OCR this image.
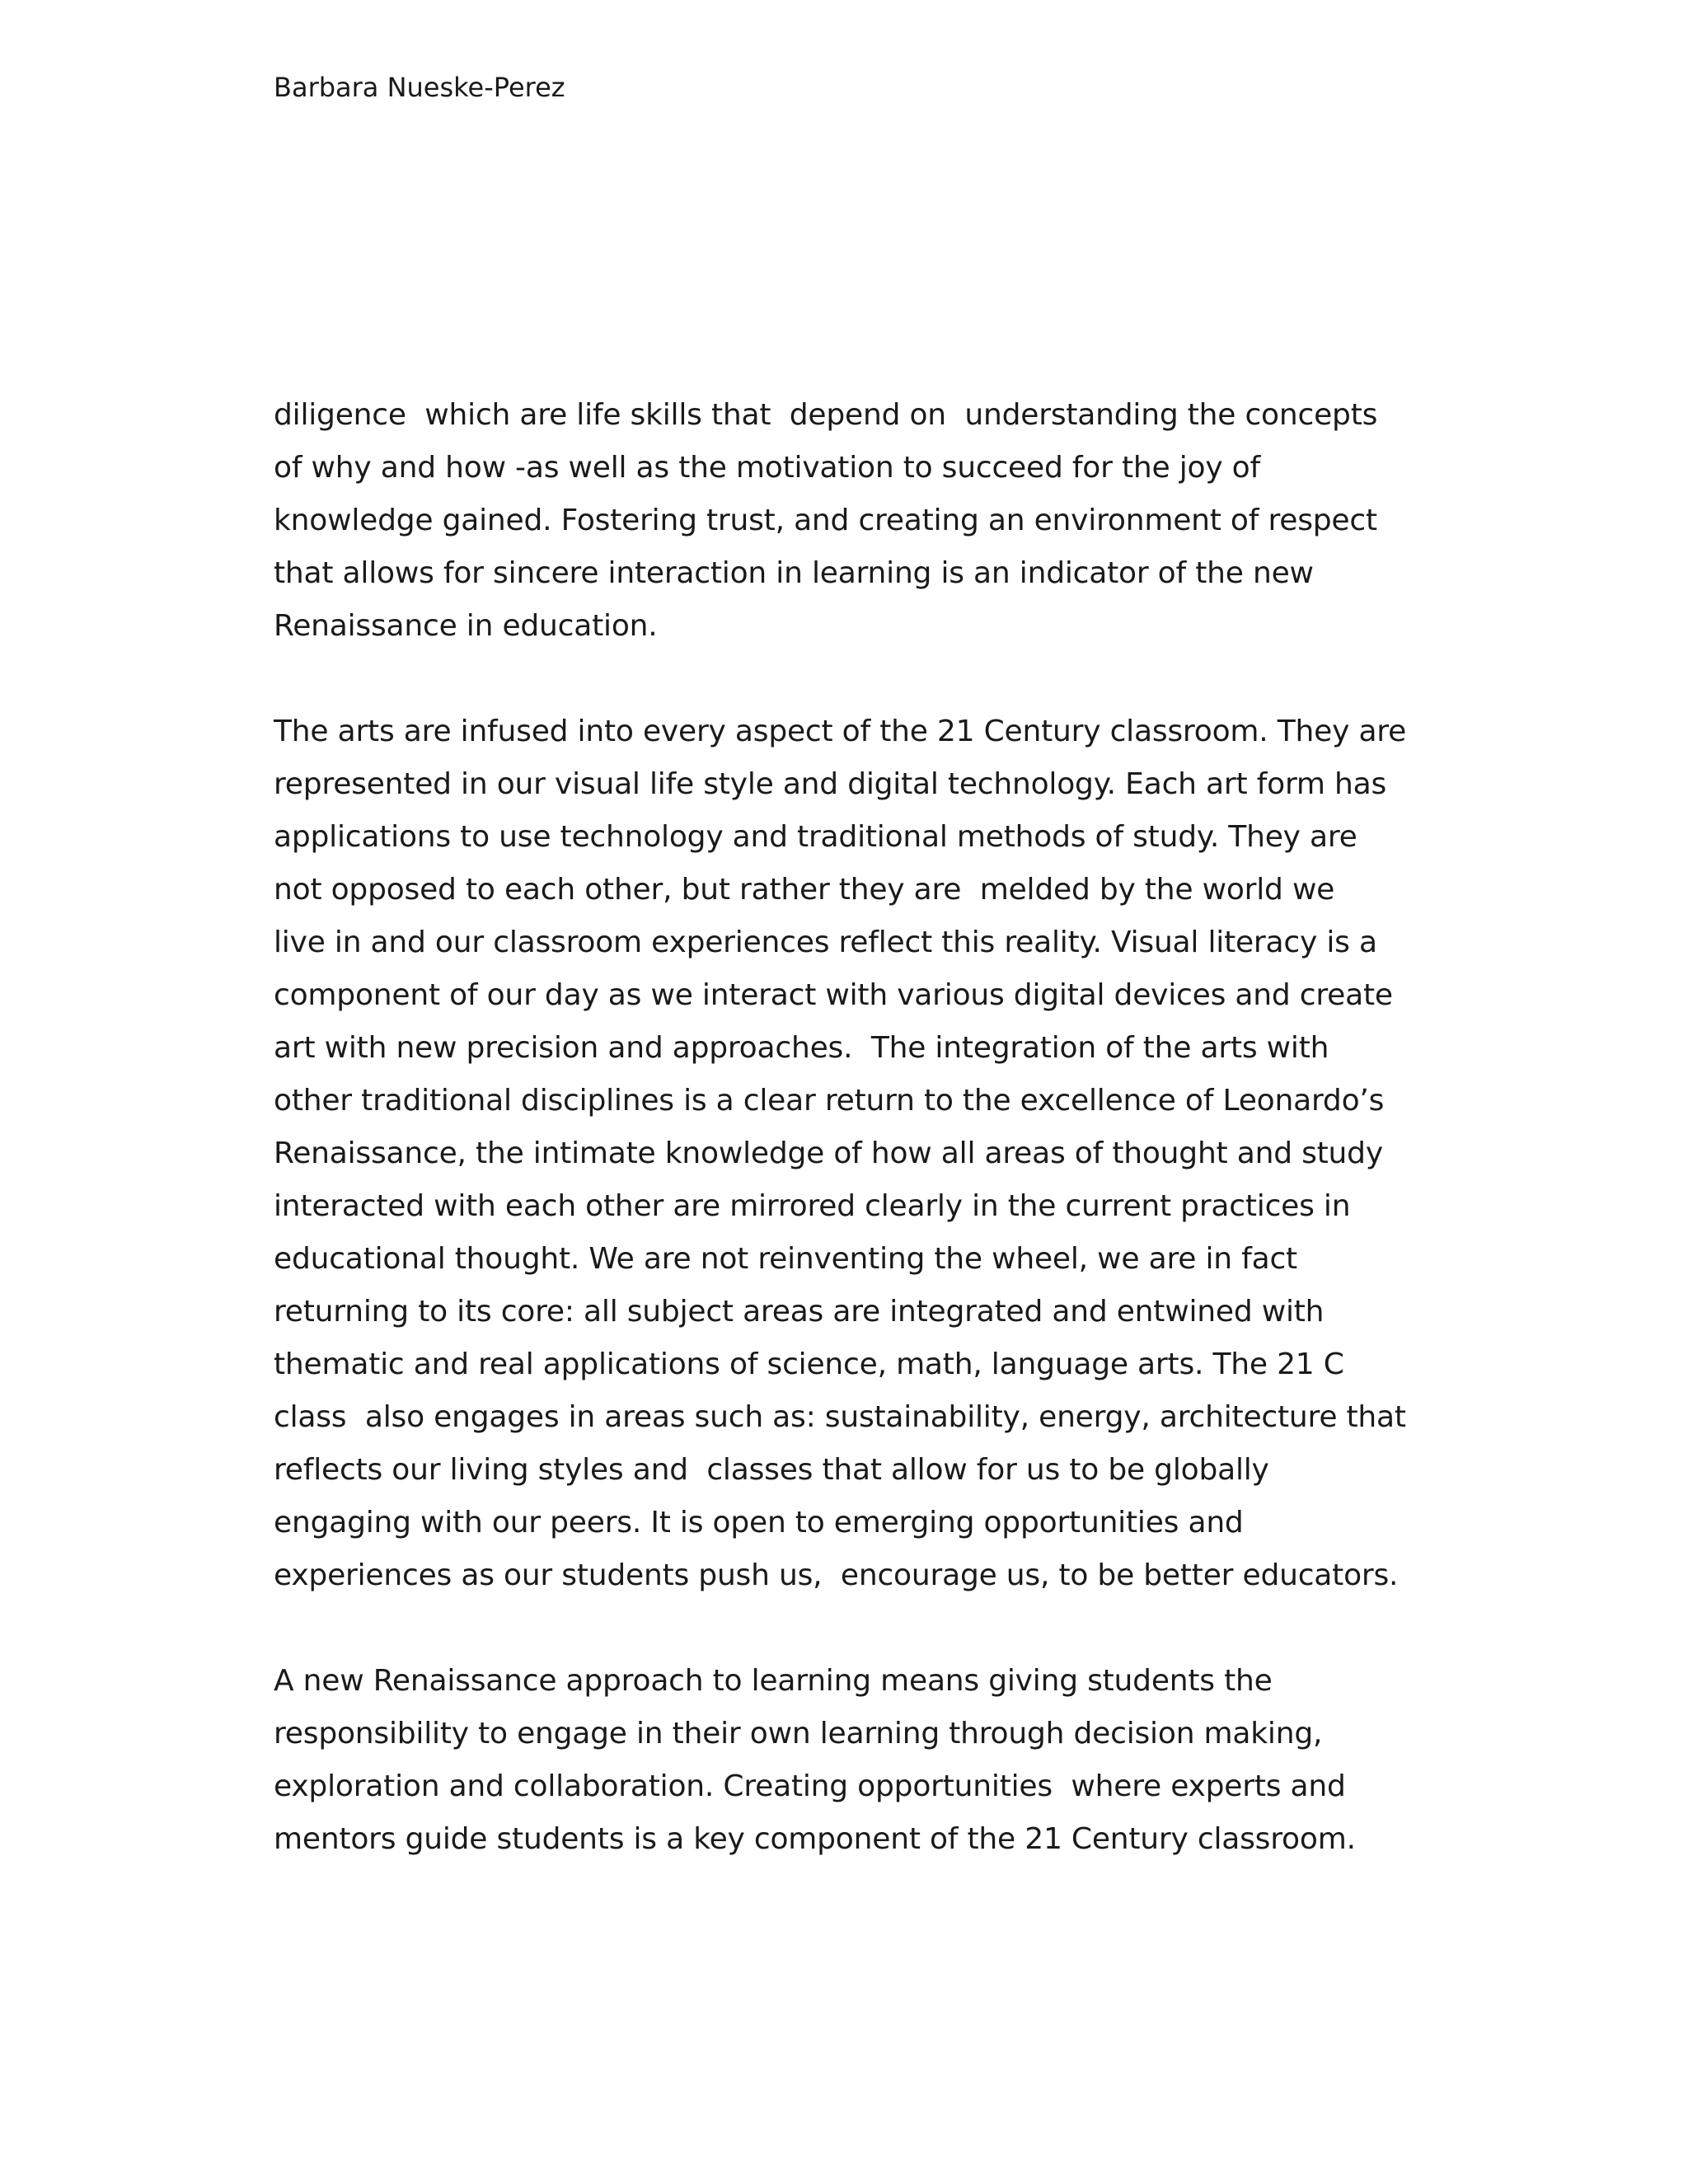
Barbara Nueske-Perez
diligence  which are life skills that  depend on  understanding the concepts
of why and how -as well as the motivation to succeed for the joy of
knowledge gained. Fostering trust, and creating an environment of respect
that allows for sincere interaction in learning is an indicator of the new
Renaissance in education.
The arts are infused into every aspect of the 21 Century classroom. They are
represented in our visual life style and digital technology. Each art form has
applications to use technology and traditional methods of study. They are
not opposed to each other, but rather they are  melded by the world we
live in and our classroom experiences reflect this reality. Visual literacy is a
component of our day as we interact with various digital devices and create
art with new precision and approaches.  The integration of the arts with
other traditional disciplines is a clear return to the excellence of Leonardo’s
Renaissance, the intimate knowledge of how all areas of thought and study
interacted with each other are mirrored clearly in the current practices in
educational thought. We are not reinventing the wheel, we are in fact
returning to its core: all subject areas are integrated and entwined with
thematic and real applications of science, math, language arts. The 21 C
class  also engages in areas such as: sustainability, energy, architecture that
reflects our living styles and  classes that allow for us to be globally
engaging with our peers. It is open to emerging opportunities and
experiences as our students push us,  encourage us, to be better educators.
A new Renaissance approach to learning means giving students the
responsibility to engage in their own learning through decision making,
exploration and collaboration. Creating opportunities  where experts and
mentors guide students is a key component of the 21 Century classroom.
